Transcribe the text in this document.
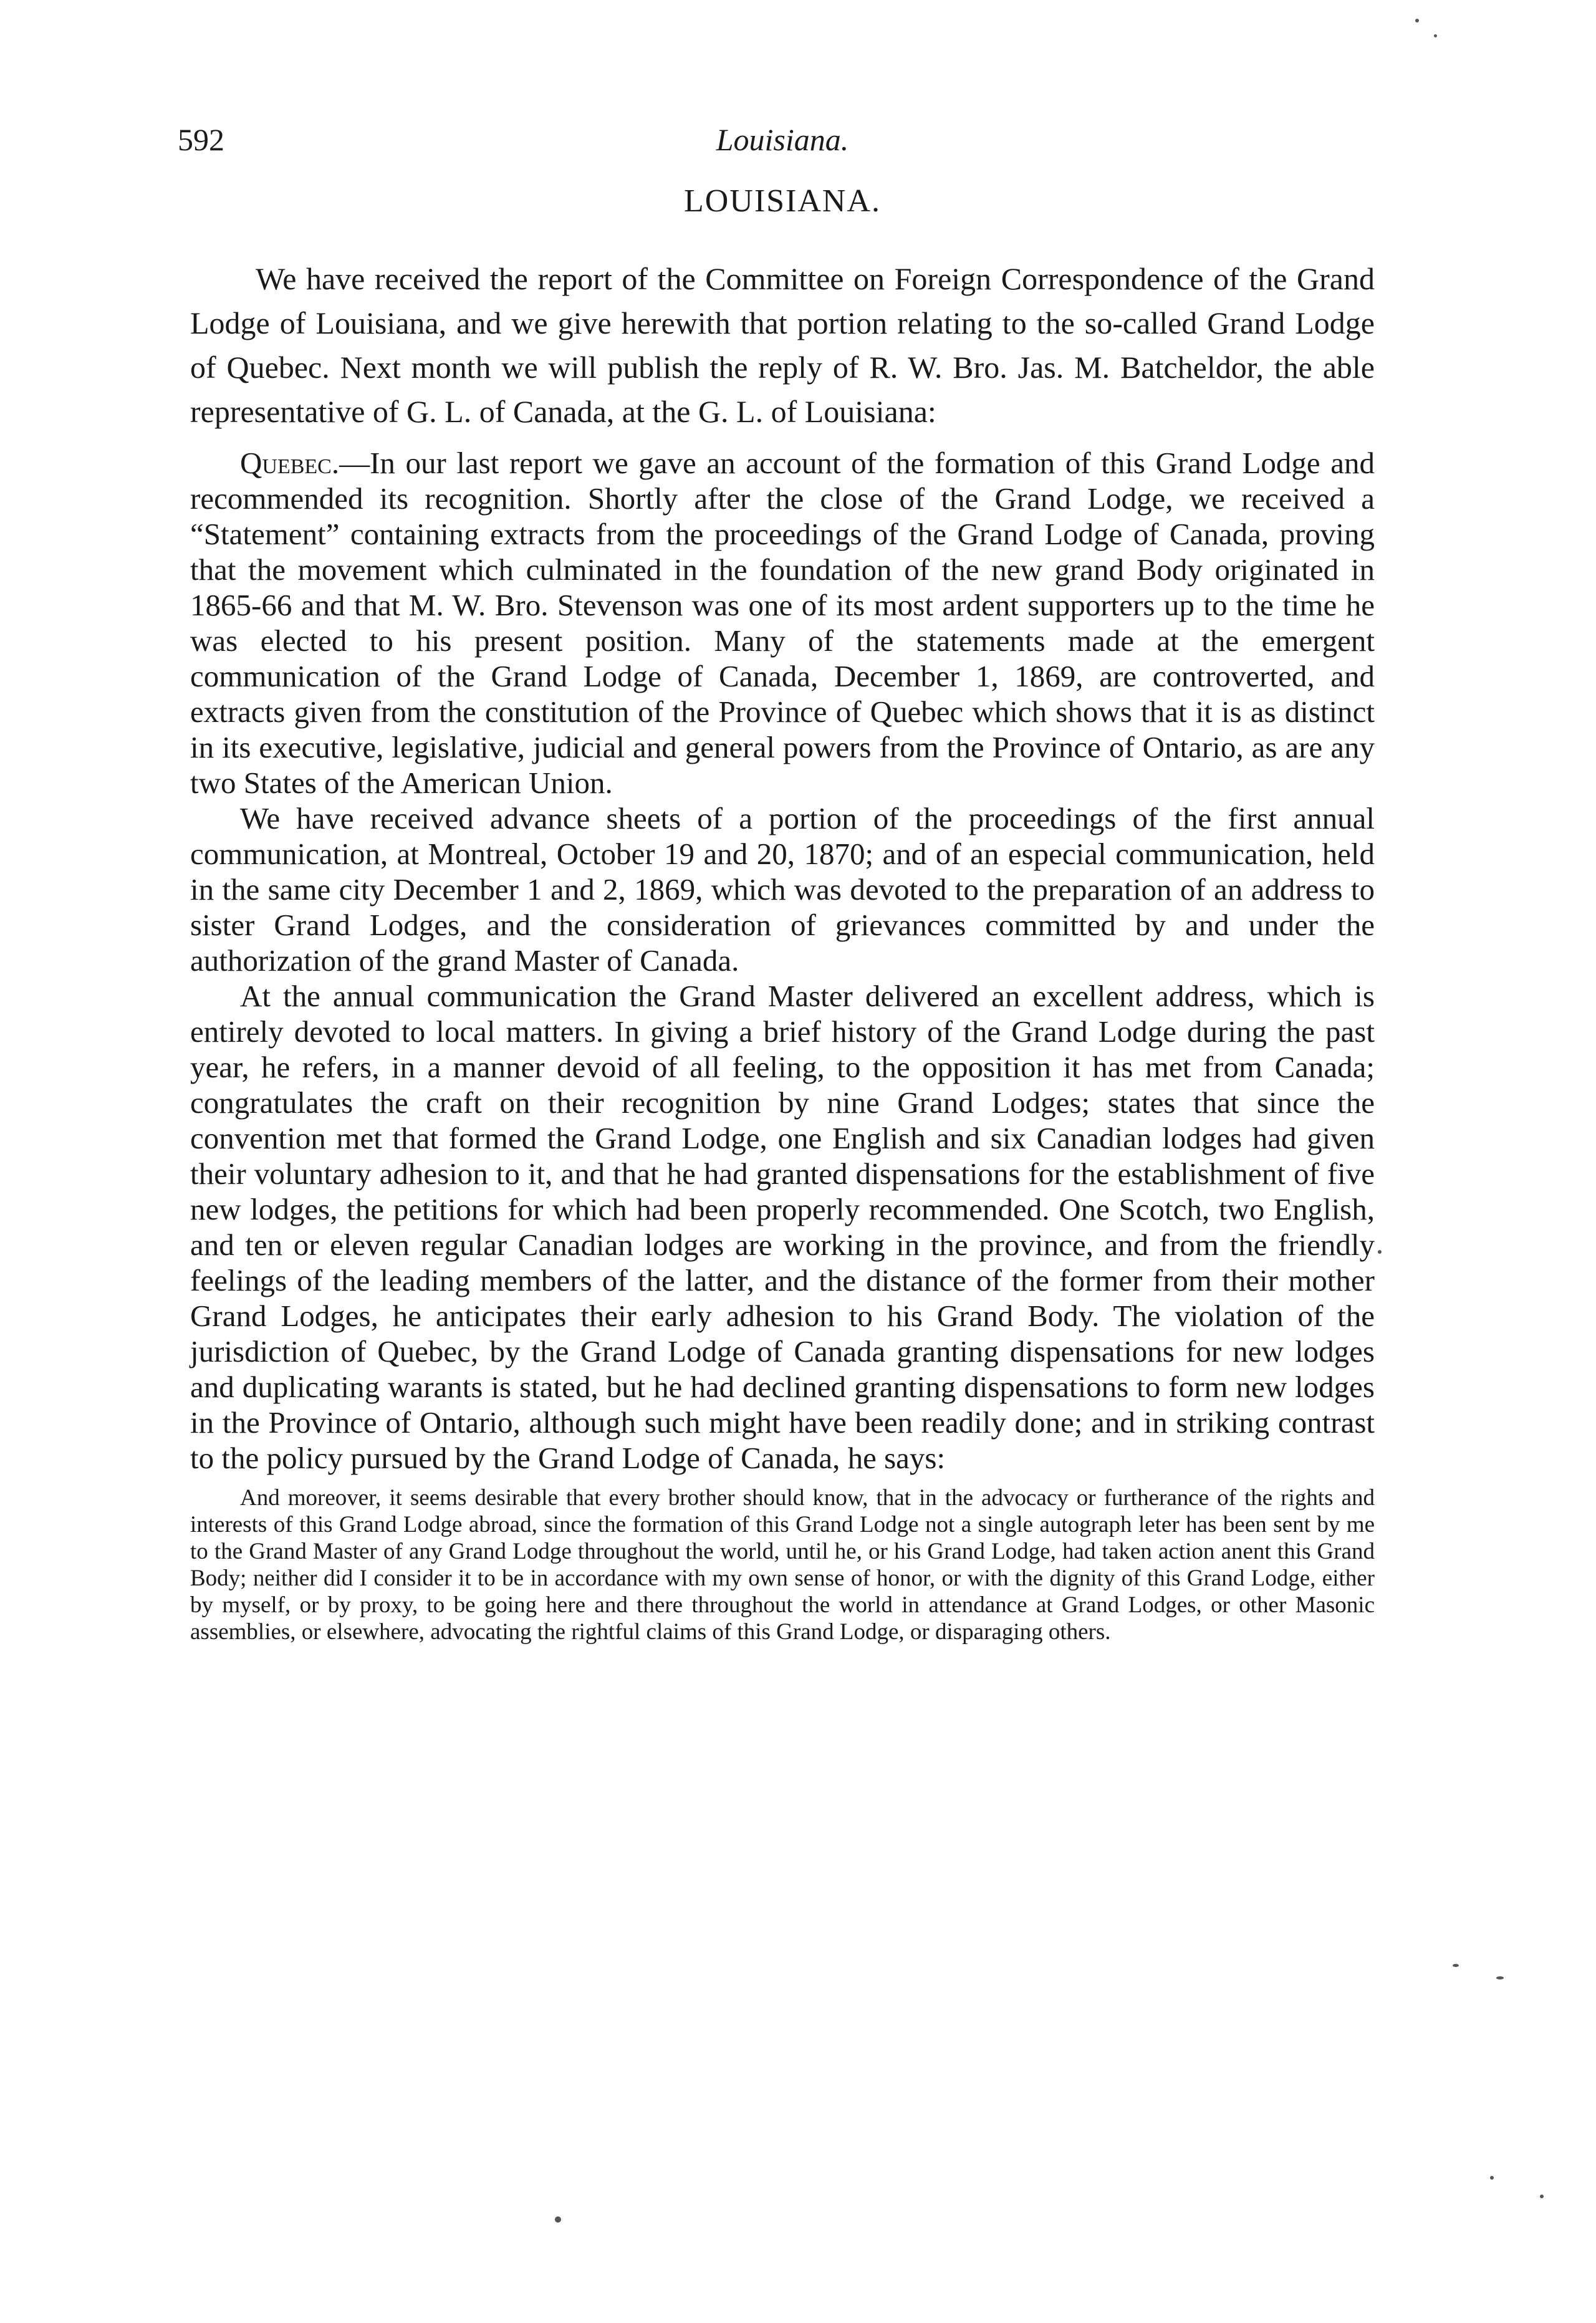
592	Louisiana.
LOUISIANA.

We have received the report of the Committee on Foreign Correspondence of the Grand Lodge of Louisiana, and we give herewith that portion relating to the so-called Grand Lodge of Quebec. Next month we will publish the reply of R. W. Bro. Jas. M. Batcheldor, the able representative of G. L. of Canada, at the G. L. of Louisiana:

Quebec.—In our last report we gave an account of the formation of this Grand Lodge and recommended its recognition. Shortly after the close of the Grand Lodge, we received a “Statement” containing extracts from the proceedings of the Grand Lodge of Canada, proving that the movement which culminated in the foundation of the new grand Body originated in 1865-66 and that M. W. Bro. Stevenson was one of its most ardent supporters up to the time he was elected to his present position. Many of the statements made at the emergent communication of the Grand Lodge of Canada, December 1, 1869, are controverted, and extracts given from the constitution of the Province of Quebec which shows that it is as distinct in its executive, legislative, judicial and general powers from the Province of Ontario, as are any two States of the American Union.

We have received advance sheets of a portion of the proceedings of the first annual communication, at Montreal, October 19 and 20, 1870; and of an especial communication, held in the same city December 1 and 2, 1869, which was devoted to the preparation of an address to sister Grand Lodges, and the consideration of grievances committed by and under the authorization of the grand Master of Canada.

At the annual communication the Grand Master delivered an excellent address, which is entirely devoted to local matters. In giving a brief history of the Grand Lodge during the past year, he refers, in a manner devoid of all feeling, to the opposition it has met from Canada; congratulates the craft on their recognition by nine Grand Lodges; states that since the convention met that formed the Grand Lodge, one English and six Canadian lodges had given their voluntary adhesion to it, and that he had granted dispensations for the establishment of five new lodges, the petitions for which had been properly recommended. One Scotch, two English, and ten or eleven regular Canadian lodges are working in the province, and from the friendly feelings of the leading members of the latter, and the distance of the former from their mother Grand Lodges, he anticipates their early adhesion to his Grand Body. The violation of the jurisdiction of Quebec, by the Grand Lodge of Canada granting dispensations for new lodges and duplicating warants is stated, but he had declined granting dispensations to form new lodges in the Province of Ontario, although such might have been readily done; and in striking contrast to the policy pursued by the Grand Lodge of Canada, he says:

And moreover, it seems desirable that every brother should know, that in the advocacy or furtherance of the rights and interests of this Grand Lodge abroad, since the formation of this Grand Lodge not a single autograph leter has been sent by me to the Grand Master of any Grand Lodge throughout the world, until he, or his Grand Lodge, had taken action anent this Grand Body; neither did I consider it to be in accordance with my own sense of honor, or with the dignity of this Grand Lodge, either by myself, or by proxy, to be going here and there throughout the world in attendance at Grand Lodges, or other Masonic assemblies, or elsewhere, advocating the rightful claims of this Grand Lodge, or disparaging others.
